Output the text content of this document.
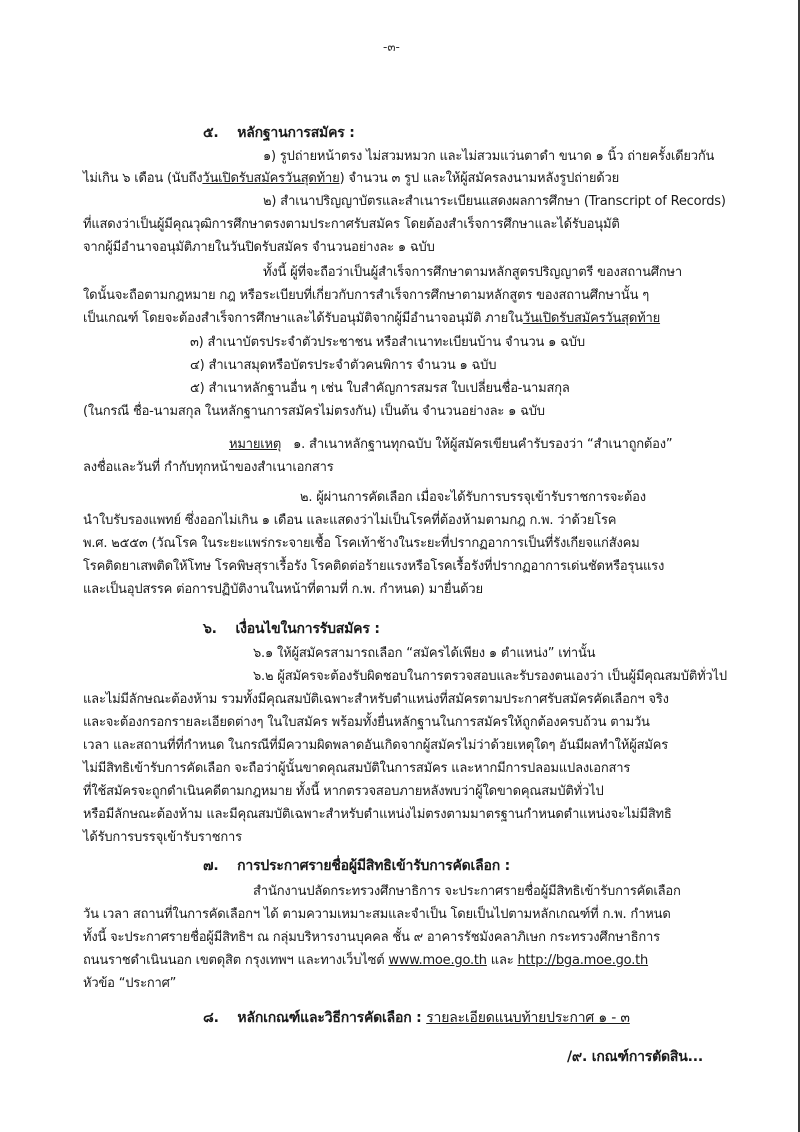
-๓-
๕. หลักฐานการสมัคร :
๑) รูปถ่ายหน้าตรง ไม่สวมหมวก และไม่สวมแว่นตาดำ ขนาด ๑ นิ้ว ถ่ายครั้งเดียวกัน
ไม่เกิน ๖ เดือน (นับถึงวันเปิดรับสมัครวันสุดท้าย) จำนวน ๓ รูป และให้ผู้สมัครลงนามหลังรูปถ่ายด้วย
๒) สำเนาปริญญาบัตรและสำเนาระเบียนแสดงผลการศึกษา (Transcript of Records)
ที่แสดงว่าเป็นผู้มีคุณวุฒิการศึกษาตรงตามประกาศรับสมัคร โดยต้องสำเร็จการศึกษาและได้รับอนุมัติ
จากผู้มีอำนาจอนุมัติภายในวันปิดรับสมัคร จำนวนอย่างละ ๑ ฉบับ
ทั้งนี้ ผู้ที่จะถือว่าเป็นผู้สำเร็จการศึกษาตามหลักสูตรปริญญาตรี ของสถานศึกษา
ใดนั้นจะถือตามกฎหมาย กฎ หรือระเบียบที่เกี่ยวกับการสำเร็จการศึกษาตามหลักสูตร ของสถานศึกษานั้น ๆ
เป็นเกณฑ์ โดยจะต้องสำเร็จการศึกษาและได้รับอนุมัติจากผู้มีอำนาจอนุมัติ ภายในวันเปิดรับสมัครวันสุดท้าย
๓) สำเนาบัตรประจำตัวประชาชน หรือสำเนาทะเบียนบ้าน จำนวน ๑ ฉบับ
๔) สำเนาสมุดหรือบัตรประจำตัวคนพิการ จำนวน ๑ ฉบับ
๕) สำเนาหลักฐานอื่น ๆ เช่น ใบสำคัญการสมรส ใบเปลี่ยนชื่อ-นามสกุล
(ในกรณี ชื่อ-นามสกุล ในหลักฐานการสมัครไม่ตรงกัน) เป็นต้น จำนวนอย่างละ ๑ ฉบับ
หมายเหตุ ๑. สำเนาหลักฐานทุกฉบับ ให้ผู้สมัครเขียนคำรับรองว่า “สำเนาถูกต้อง”
ลงชื่อและวันที่ กำกับทุกหน้าของสำเนาเอกสาร
๒. ผู้ผ่านการคัดเลือก เมื่อจะได้รับการบรรจุเข้ารับราชการจะต้อง
นำใบรับรองแพทย์ ซึ่งออกไม่เกิน ๑ เดือน และแสดงว่าไม่เป็นโรคที่ต้องห้ามตามกฎ ก.พ. ว่าด้วยโรค
พ.ศ. ๒๕๕๓ (วัณโรค ในระยะแพร่กระจายเชื้อ โรคเท้าช้างในระยะที่ปรากฏอาการเป็นที่รังเกียจแก่สังคม
โรคติดยาเสพติดให้โทษ โรคพิษสุราเรื้อรัง โรคติดต่อร้ายแรงหรือโรคเรื้อรังที่ปรากฏอาการเด่นชัดหรือรุนแรง
และเป็นอุปสรรค ต่อการปฏิบัติงานในหน้าที่ตามที่ ก.พ. กำหนด) มายื่นด้วย
๖. เงื่อนไขในการรับสมัคร :
๖.๑ ให้ผู้สมัครสามารถเลือก “สมัครได้เพียง ๑ ตำแหน่ง” เท่านั้น
๖.๒ ผู้สมัครจะต้องรับผิดชอบในการตรวจสอบและรับรองตนเองว่า เป็นผู้มีคุณสมบัติทั่วไป
และไม่มีลักษณะต้องห้าม รวมทั้งมีคุณสมบัติเฉพาะสำหรับตำแหน่งที่สมัครตามประกาศรับสมัครคัดเลือกฯ จริง
และจะต้องกรอกรายละเอียดต่างๆ ในใบสมัคร พร้อมทั้งยื่นหลักฐานในการสมัครให้ถูกต้องครบถ้วน ตามวัน
เวลา และสถานที่ที่กำหนด ในกรณีที่มีความผิดพลาดอันเกิดจากผู้สมัครไม่ว่าด้วยเหตุใดๆ อันมีผลทำให้ผู้สมัคร
ไม่มีสิทธิเข้ารับการคัดเลือก จะถือว่าผู้นั้นขาดคุณสมบัติในการสมัคร และหากมีการปลอมแปลงเอกสาร
ที่ใช้สมัครจะถูกดำเนินคดีตามกฎหมาย ทั้งนี้ หากตรวจสอบภายหลังพบว่าผู้ใดขาดคุณสมบัติทั่วไป
หรือมีลักษณะต้องห้าม และมีคุณสมบัติเฉพาะสำหรับตำแหน่งไม่ตรงตามมาตรฐานกำหนดตำแหน่งจะไม่มีสิทธิ
ได้รับการบรรจุเข้ารับราชการ
๗. การประกาศรายชื่อผู้มีสิทธิเข้ารับการคัดเลือก :
สำนักงานปลัดกระทรวงศึกษาธิการ จะประกาศรายชื่อผู้มีสิทธิเข้ารับการคัดเลือก
วัน เวลา สถานที่ในการคัดเลือกฯ ได้ ตามความเหมาะสมและจำเป็น โดยเป็นไปตามหลักเกณฑ์ที่ ก.พ. กำหนด
ทั้งนี้ จะประกาศรายชื่อผู้มีสิทธิฯ ณ กลุ่มบริหารงานบุคคล ชั้น ๙ อาคารรัชมังคลาภิเษก กระทรวงศึกษาธิการ
ถนนราชดำเนินนอก เขตดุสิต กรุงเทพฯ และทางเว็บไซต์ www.moe.go.th และ http://bga.moe.go.th
หัวข้อ “ประกาศ”
๘. หลักเกณฑ์และวิธีการคัดเลือก : รายละเอียดแนบท้ายประกาศ ๑ - ๓
/๙. เกณฑ์การตัดสิน...
